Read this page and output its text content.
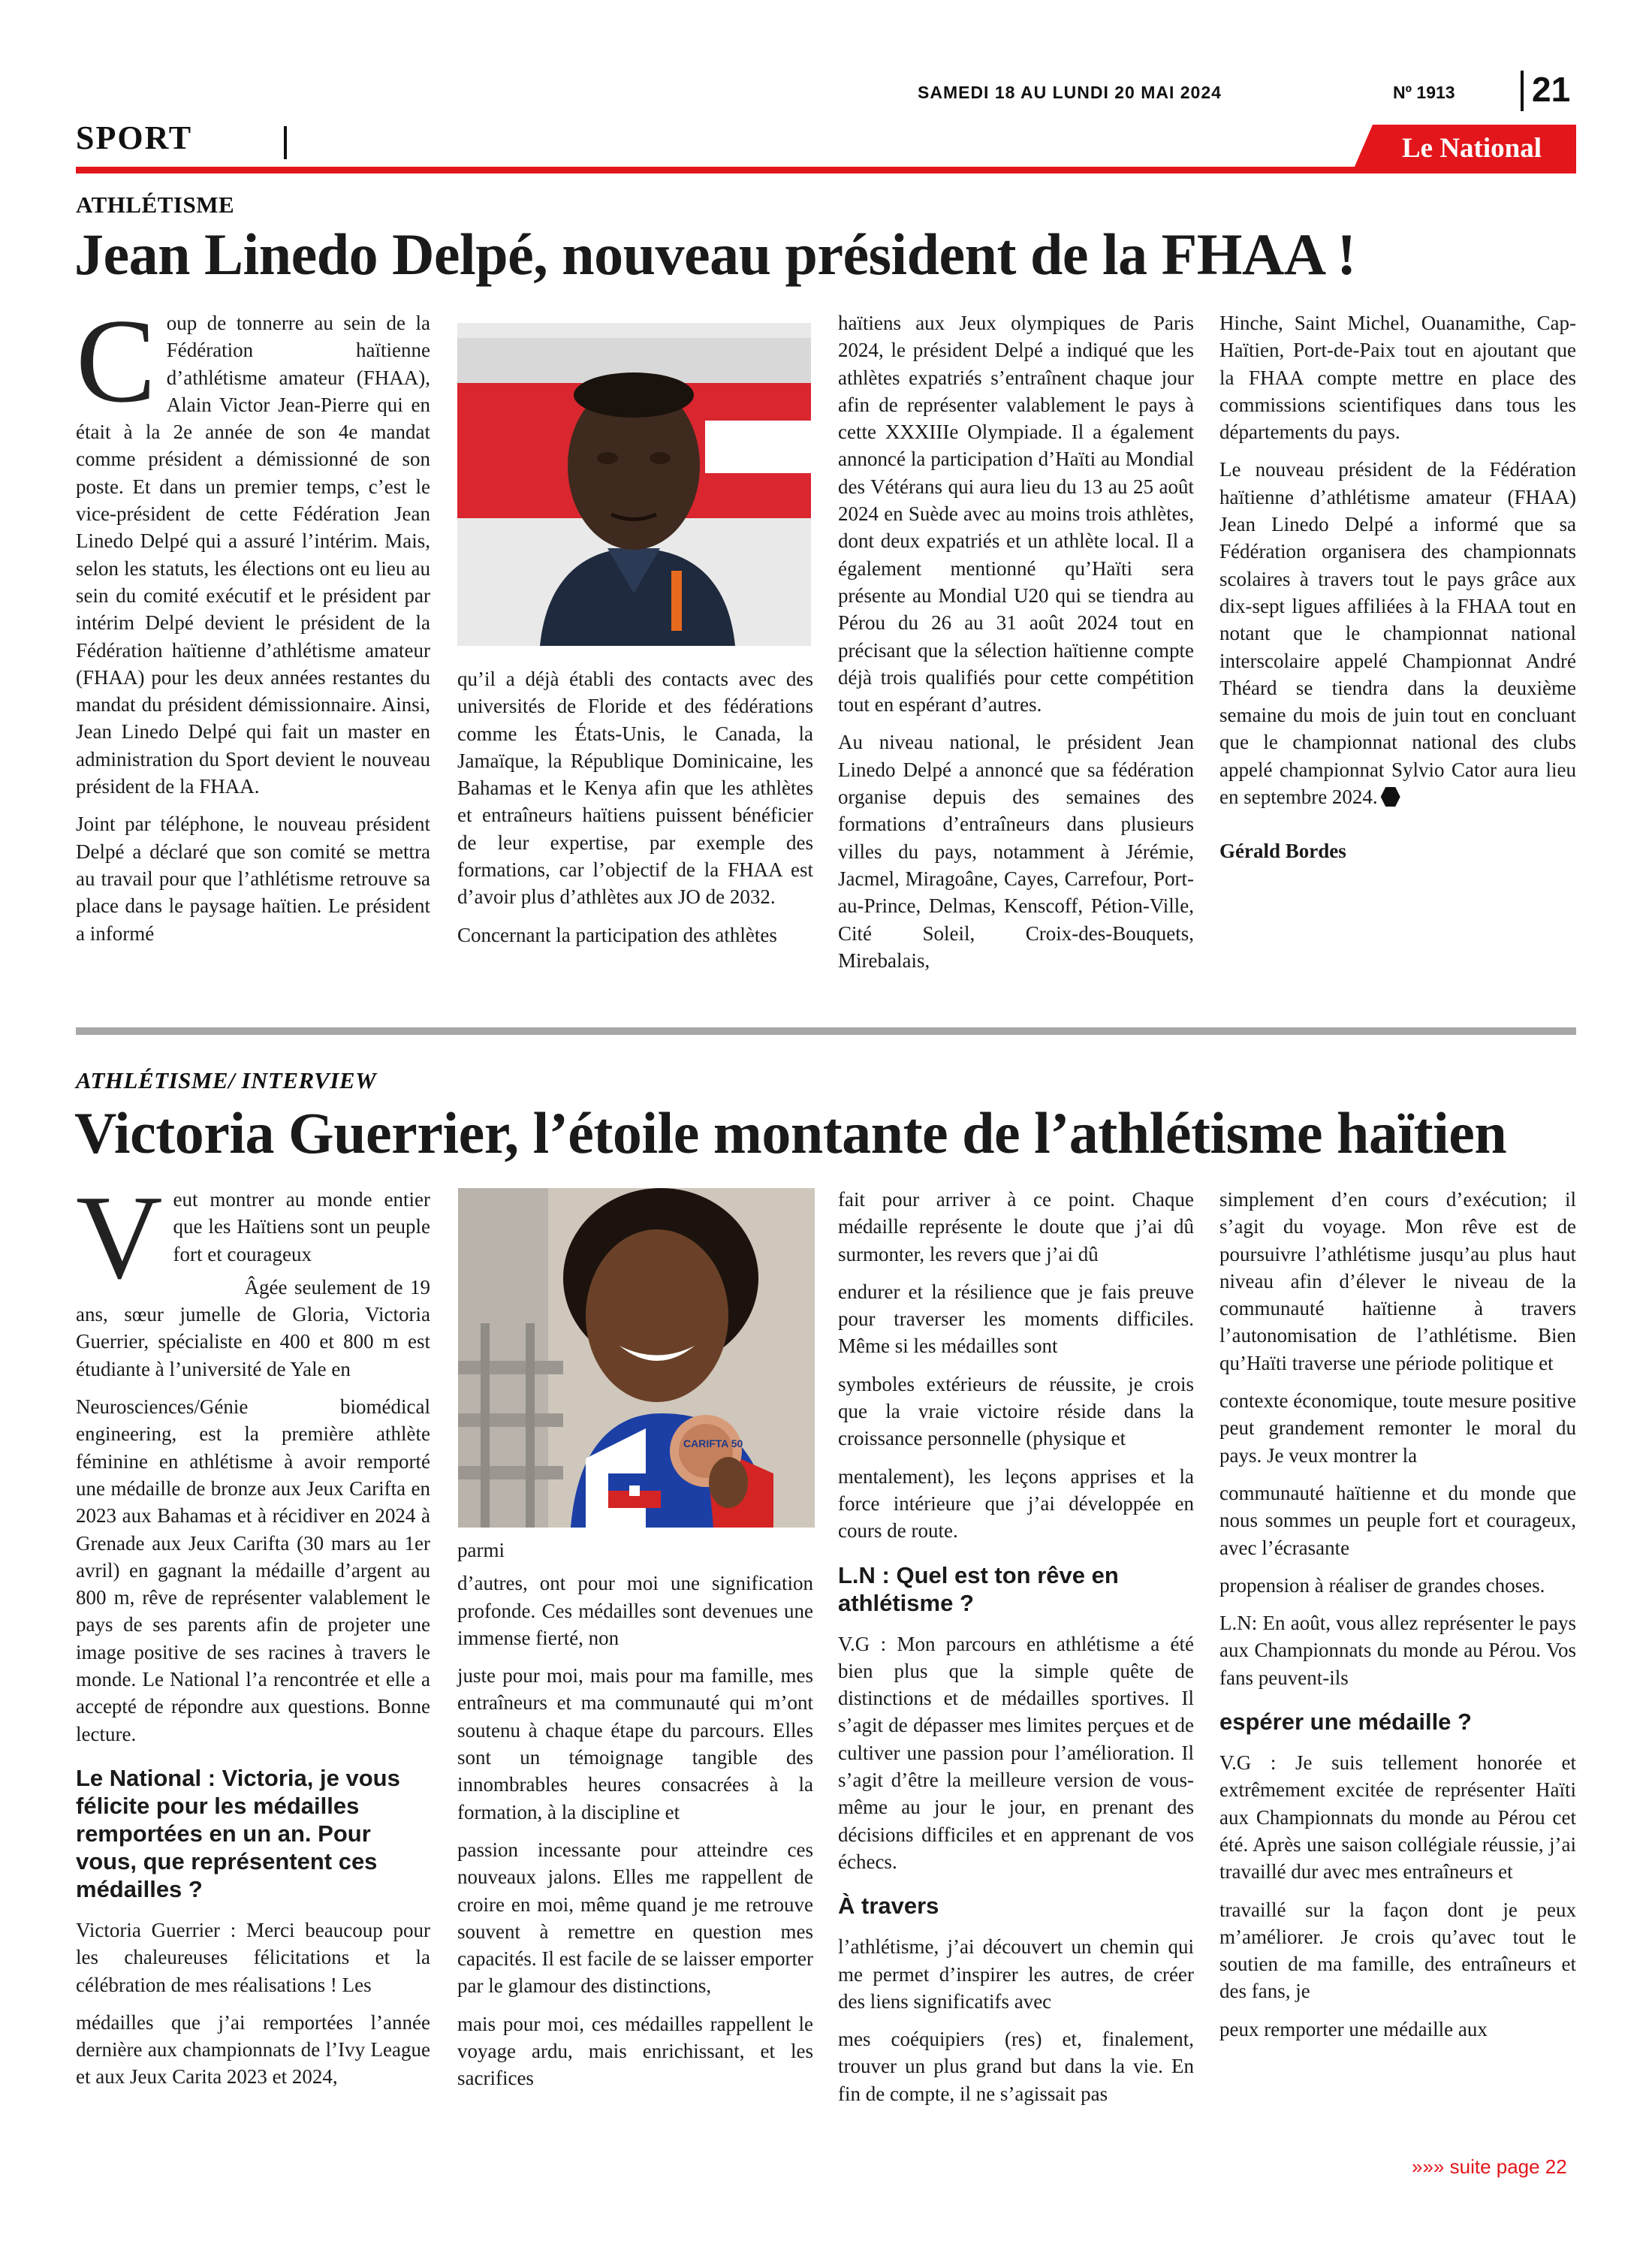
SAMEDI 18 AU LUNDI 20 MAI 2024	Nº 1913 21
SPORT	Le National
ATHLÉTISME
Jean Linedo Delpé, nouveau président de la FHAA !

Coup de tonnerre au sein de la Fédération haïtienne d’athlétisme amateur (FHAA), Alain Victor Jean-Pierre qui en était à la 2e année de son 4e mandat comme président a démissionné de son poste. Et dans un premier temps, c’est le vice-président de cette Fédération Jean Linedo Delpé qui a assuré l’intérim. Mais, selon les statuts, les élections ont eu lieu au sein du comité exécutif et le président par intérim Delpé devient le président de la Fédération haïtienne d’athlétisme amateur (FHAA) pour les deux années restantes du mandat du président démissionnaire. Ainsi, Jean Linedo Delpé qui fait un master en administration du Sport devient le nouveau président de la FHAA.

Joint par téléphone, le nouveau président Delpé a déclaré que son comité se mettra au travail pour que l’athlétisme retrouve sa place dans le paysage haïtien. Le président a informé

qu’il a déjà établi des contacts avec des universités de Floride et des fédérations comme les États-Unis, le Canada, la Jamaïque, la République Dominicaine, les Bahamas et le Kenya afin que les athlètes et entraîneurs haïtiens puissent bénéficier de leur expertise, par exemple des formations, car l’objectif de la FHAA est d’avoir plus d’athlètes aux JO de 2032.

Concernant la participation des athlètes

haïtiens aux Jeux olympiques de Paris 2024, le président Delpé a indiqué que les athlètes expatriés s’entraînent chaque jour afin de représenter valablement le pays à cette XXXIIIe Olympiade. Il a également annoncé la participation d’Haïti au Mondial des Vétérans qui aura lieu du 13 au 25 août 2024 en Suède avec au moins trois athlètes, dont deux expatriés et un athlète local. Il a également mentionné qu’Haïti sera présente au Mondial U20 qui se tiendra au Pérou du 26 au 31 août 2024 tout en précisant que la sélection haïtienne compte déjà trois qualifiés pour cette compétition tout en espérant d’autres.

Au niveau national, le président Jean Linedo Delpé a annoncé que sa fédération organise depuis des semaines des formations d’entraîneurs dans plusieurs villes du pays, notamment à Jérémie, Jacmel, Miragoâne, Cayes, Carrefour, Port-au-Prince, Delmas, Kenscoff, Pétion-Ville, Cité Soleil, Croix-des-Bouquets, Mirebalais,

Hinche, Saint Michel, Ouanamithe, Cap-Haïtien, Port-de-Paix tout en ajoutant que la FHAA compte mettre en place des commissions scientifiques dans tous les départements du pays.

Le nouveau président de la Fédération haïtienne d’athlétisme amateur (FHAA) Jean Linedo Delpé a informé que sa Fédération organisera des championnats scolaires à travers tout le pays grâce aux dix-sept ligues affiliées à la FHAA tout en notant que le championnat national interscolaire appelé Championnat André Théard se tiendra dans la deuxième semaine du mois de juin tout en concluant que le championnat national des clubs appelé championnat Sylvio Cator aura lieu en septembre 2024.

Gérald Bordes

ATHLÉTISME/ INTERVIEW
Victoria Guerrier, l’étoile montante de l’athlétisme haïtien

Veut montrer au monde entier que les Haïtiens sont un peuple fort et courageux

Âgée seulement de 19 ans, sœur jumelle de Gloria, Victoria Guerrier, spécialiste en 400 et 800 m est étudiante à l’université de Yale en

Neurosciences/Génie biomédical engineering, est la première athlète féminine en athlétisme à avoir remporté une médaille de bronze aux Jeux Carifta en 2023 aux Bahamas et à récidiver en 2024 à Grenade aux Jeux Carifta (30 mars au 1er avril) en gagnant la médaille d’argent au 800 m, rêve de représenter valablement le pays de ses parents afin de projeter une image positive de ses racines à travers le monde. Le National l’a rencontrée et elle a accepté de répondre aux questions. Bonne lecture.

Le National : Victoria, je vous félicite pour les médailles remportées en un an. Pour vous, que représentent ces médailles ?

Victoria Guerrier : Merci beaucoup pour les chaleureuses félicitations et la célébration de mes réalisations ! Les

médailles que j’ai remportées l’année dernière aux championnats de l’Ivy League et aux Jeux Carita 2023 et 2024,

CARIFTA 50

parmi

d’autres, ont pour moi une signification profonde. Ces médailles sont devenues une immense fierté, non

juste pour moi, mais pour ma famille, mes entraîneurs et ma communauté qui m’ont soutenu à chaque étape du parcours. Elles sont un témoignage tangible des innombrables heures consacrées à la formation, à la discipline et

passion incessante pour atteindre ces nouveaux jalons. Elles me rappellent de croire en moi, même quand je me retrouve souvent à remettre en question mes capacités. Il est facile de se laisser emporter par le glamour des distinctions,

mais pour moi, ces médailles rappellent le voyage ardu, mais enrichissant, et les sacrifices

fait pour arriver à ce point. Chaque médaille représente le doute que j’ai dû surmonter, les revers que j’ai dû

endurer et la résilience que je fais preuve pour traverser les moments difficiles. Même si les médailles sont

symboles extérieurs de réussite, je crois que la vraie victoire réside dans la croissance personnelle (physique et

mentalement), les leçons apprises et la force intérieure que j’ai développée en cours de route.

L.N : Quel est ton rêve en athlétisme ?

V.G : Mon parcours en athlétisme a été bien plus que la simple quête de distinctions et de médailles sportives. Il s’agit de dépasser mes limites perçues et de cultiver une passion pour l’amélioration. Il s’agit d’être la meilleure version de vous-même au jour le jour, en prenant des décisions difficiles et en apprenant de vos échecs.

À travers

l’athlétisme, j’ai découvert un chemin qui me permet d’inspirer les autres, de créer des liens significatifs avec

mes coéquipiers (res) et, finalement, trouver un plus grand but dans la vie. En fin de compte, il ne s’agissait pas

simplement d’en cours d’exécution; il s’agit du voyage. Mon rêve est de poursuivre l’athlétisme jusqu’au plus haut niveau afin d’élever le niveau de la communauté haïtienne à travers l’autonomisation de l’athlétisme. Bien qu’Haïti traverse une période politique et

contexte économique, toute mesure positive peut grandement remonter le moral du pays. Je veux montrer la

communauté haïtienne et du monde que nous sommes un peuple fort et courageux, avec l’écrasante

propension à réaliser de grandes choses.

L.N: En août, vous allez représenter le pays aux Championnats du monde au Pérou. Vos fans peuvent-ils

espérer une médaille ?

V.G : Je suis tellement honorée et extrêmement excitée de représenter Haïti aux Championnats du monde au Pérou cet été. Après une saison collégiale réussie, j’ai travaillé dur avec mes entraîneurs et

travaillé sur la façon dont je peux m’améliorer. Je crois qu’avec tout le soutien de ma famille, des entraîneurs et des fans, je

peux remporter une médaille aux

»»» suite page 22
